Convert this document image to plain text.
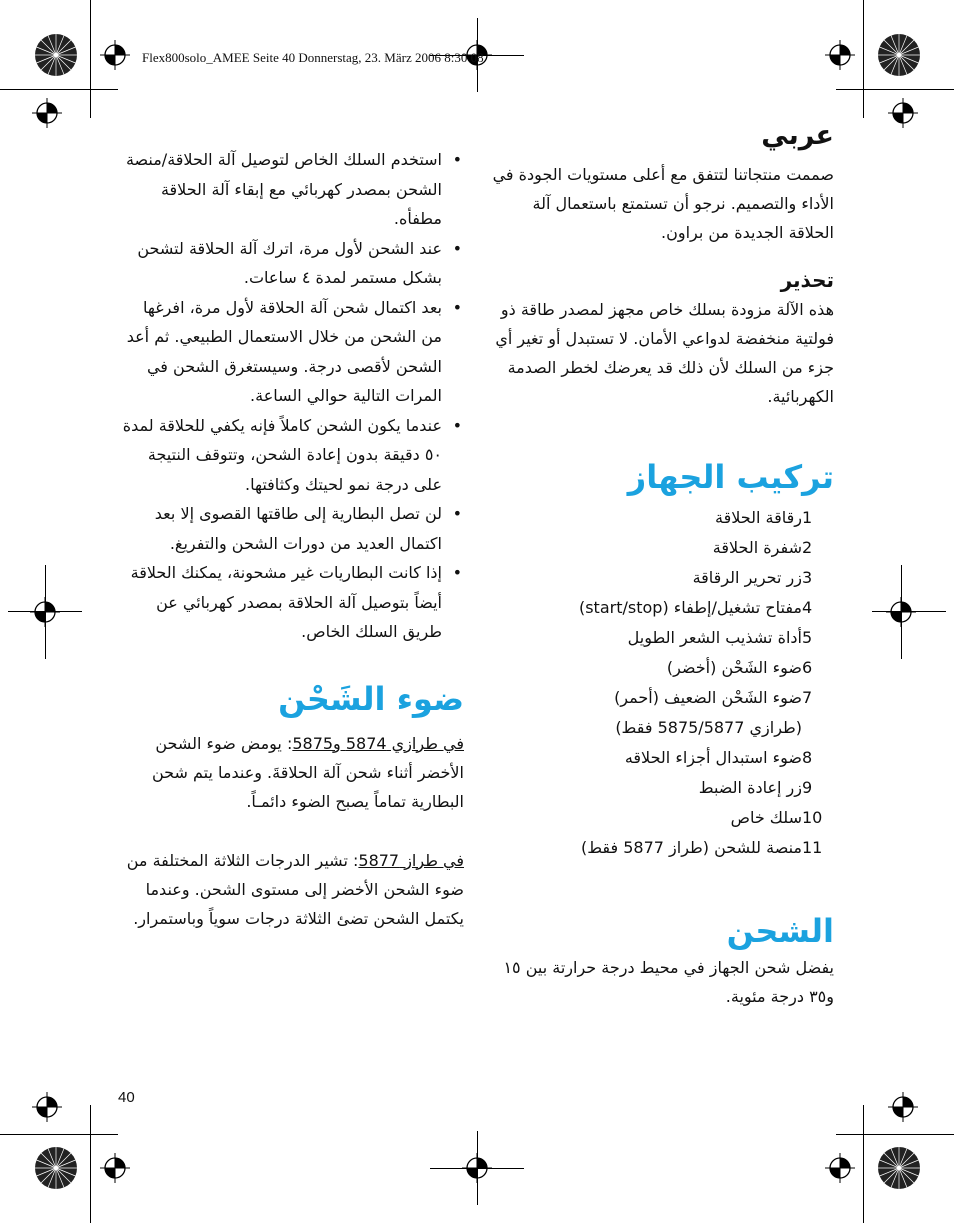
Flex800solo_AMEE Seite 40 Donnerstag, 23. März 2006 8:30 08
عربي

صممت منتجاتنا لتتفق مع أعلى مستويات الجودة في الأداء والتصميم. نرجو أن تستمتع باستعمال آلة الحلاقة الجديدة من براون.

تحذير

هذه الآلة مزودة بسلك خاص مجهز لمصدر طاقة ذو فولتية منخفضة لدواعي الأمان. لا تستبدل أو تغير أي جزء من السلك لأن ذلك قد يعرضك لخطر الصدمة الكهربائية.

تركيب الجهاز
1
رقاقة الحلاقة
2
شفرة الحلاقة
3
زر تحرير الرقاقة
4
مفتاح تشغيل/إطفاء (start/stop)
5
أداة تشذيب الشعر الطويل
6
ضوء الشَحْن (أخضر)
7
ضوء الشَحْن الضعيف (أحمر)
(طرازي 5875/5877 فقط)
8
ضوء استبدال أجزاء الحلاقه
9
زر إعادة الضبط
10
سلك خاص
11
منصة للشحن (طراز 5877 فقط)
الشحن

يفضل شحن الجهاز في محيط درجة حرارتة بين ١٥ و٣٥ درجة مئوية.

• استخدم السلك الخاص لتوصيل آلة الحلاقة/منصة الشحن بمصدر كهربائي مع إبقاء آلة الحلاقة مطفأه.
• عند الشحن لأول مرة، اترك آلة الحلاقة لتشحن بشكل مستمر لمدة ٤ ساعات.
• بعد اكتمال شحن آلة الحلاقة لأول مرة، افرغها من الشحن من خلال الاستعمال الطبيعي. ثم أعد الشحن لأقصى درجة. وسيستغرق الشحن في المرات التالية حوالي الساعة.
• عندما يكون الشحن كاملاً فإنه يكفي للحلاقة لمدة ٥٠ دقيقة بدون إعادة الشحن، وتتوقف النتيجة على درجة نمو لحيتك وكثافتها.
• لن تصل البطارية إلى طاقتها القصوى إلا بعد اكتمال العديد من دورات الشحن والتفريغ.
• إذا كانت البطاريات غير مشحونة، يمكنك الحلاقة أيضاً بتوصيل آلة الحلاقة بمصدر كهربائي عن طريق السلك الخاص.
ضوء الشَحْن

في طرازي 5874 و5875: يومض ضوء الشحن الأخضر أثناء شحن آلة الحلاقةَ. وعندما يتم شحن البطارية تماماً يصبح الضوء دائمـاً.

في طراز 5877: تشير الدرجات الثلاثة المختلفة من ضوء الشحن الأخضر إلى مستوى الشحن. وعندما يكتمل الشحن تضئ الثلاثة درجات سوياً وباستمرار.

40
